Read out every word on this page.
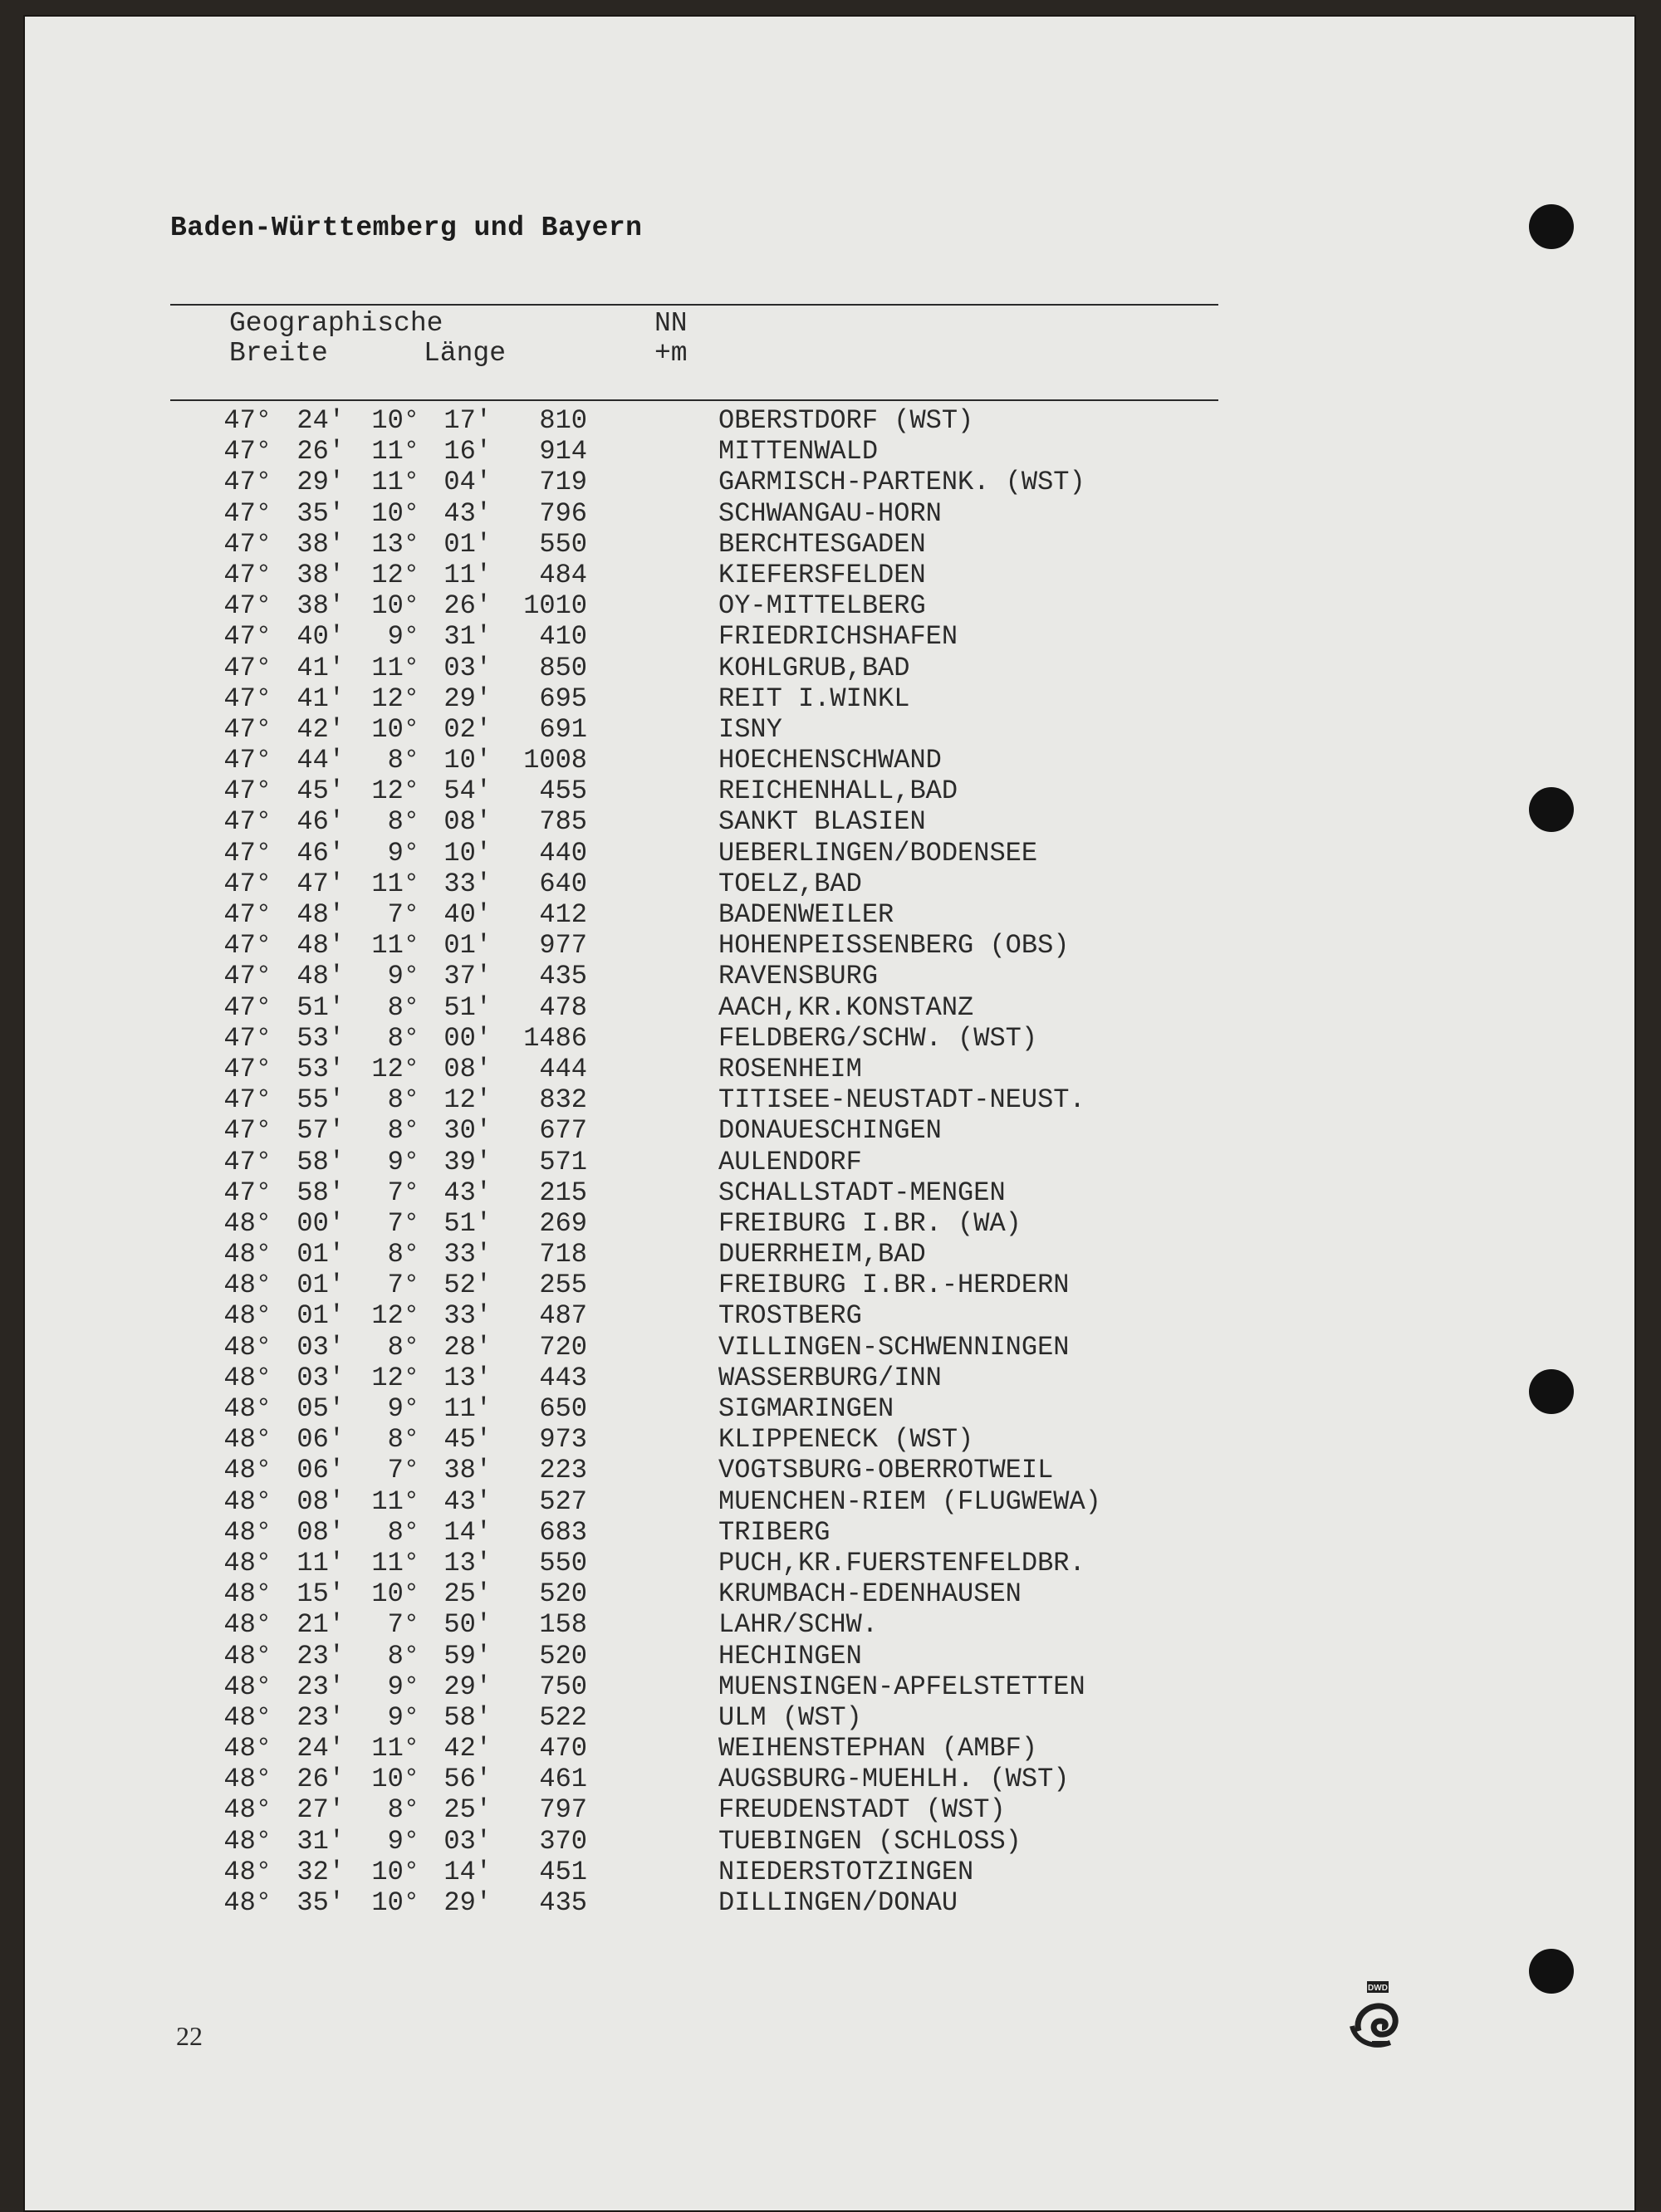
Baden-Württemberg und Bayern
Geographische	NN
Breite	Länge	+m
47° 24′ 10° 17′ 810	OBERSTDORF (WST)
47° 26′ 11° 16′ 914	MITTENWALD
47° 29′ 11° 04′ 719	GARMISCH-PARTENK. (WST)
47° 35′ 10° 43′ 796	SCHWANGAU-HORN
47° 38′ 13° 01′ 550	BERCHTESGADEN
47° 38′ 12° 11′ 484	KIEFERSFELDEN
47° 38′ 10° 26′ 1010	OY-MITTELBERG
47° 40′ 9° 31′ 410	FRIEDRICHSHAFEN
47° 41′ 11° 03′ 850	KOHLGRUB,BAD
47° 41′ 12° 29′ 695	REIT I.WINKL
47° 42′ 10° 02′ 691	ISNY
47° 44′ 8° 10′ 1008	HOECHENSCHWAND
47° 45′ 12° 54′ 455	REICHENHALL,BAD
47° 46′ 8° 08′ 785	SANKT BLASIEN
47° 46′ 9° 10′ 440	UEBERLINGEN/BODENSEE
47° 47′ 11° 33′ 640	TOELZ,BAD
47° 48′ 7° 40′ 412	BADENWEILER
47° 48′ 11° 01′ 977	HOHENPEISSENBERG (OBS)
47° 48′ 9° 37′ 435	RAVENSBURG
47° 51′ 8° 51′ 478	AACH,KR.KONSTANZ
47° 53′ 8° 00′ 1486	FELDBERG/SCHW. (WST)
47° 53′ 12° 08′ 444	ROSENHEIM
47° 55′ 8° 12′ 832	TITISEE-NEUSTADT-NEUST.
47° 57′ 8° 30′ 677	DONAUESCHINGEN
47° 58′ 9° 39′ 571	AULENDORF
47° 58′ 7° 43′ 215	SCHALLSTADT-MENGEN
48° 00′ 7° 51′ 269	FREIBURG I.BR. (WA)
48° 01′ 8° 33′ 718	DUERRHEIM,BAD
48° 01′ 7° 52′ 255	FREIBURG I.BR.-HERDERN
48° 01′ 12° 33′ 487	TROSTBERG
48° 03′ 8° 28′ 720	VILLINGEN-SCHWENNINGEN
48° 03′ 12° 13′ 443	WASSERBURG/INN
48° 05′ 9° 11′ 650	SIGMARINGEN
48° 06′ 8° 45′ 973	KLIPPENECK (WST)
48° 06′ 7° 38′ 223	VOGTSBURG-OBERROTWEIL
48° 08′ 11° 43′ 527	MUENCHEN-RIEM (FLUGWEWA)
48° 08′ 8° 14′ 683	TRIBERG
48° 11′ 11° 13′ 550	PUCH,KR.FUERSTENFELDBR.
48° 15′ 10° 25′ 520	KRUMBACH-EDENHAUSEN
48° 21′ 7° 50′ 158	LAHR/SCHW.
48° 23′ 8° 59′ 520	HECHINGEN
48° 23′ 9° 29′ 750	MUENSINGEN-APFELSTETTEN
48° 23′ 9° 58′ 522	ULM (WST)
48° 24′ 11° 42′ 470	WEIHENSTEPHAN (AMBF)
48° 26′ 10° 56′ 461	AUGSBURG-MUEHLH. (WST)
48° 27′ 8° 25′ 797	FREUDENSTADT (WST)
48° 31′ 9° 03′ 370	TUEBINGEN (SCHLOSS)
48° 32′ 10° 14′ 451	NIEDERSTOTZINGEN
48° 35′ 10° 29′ 435	DILLINGEN/DONAU
22
DWD
